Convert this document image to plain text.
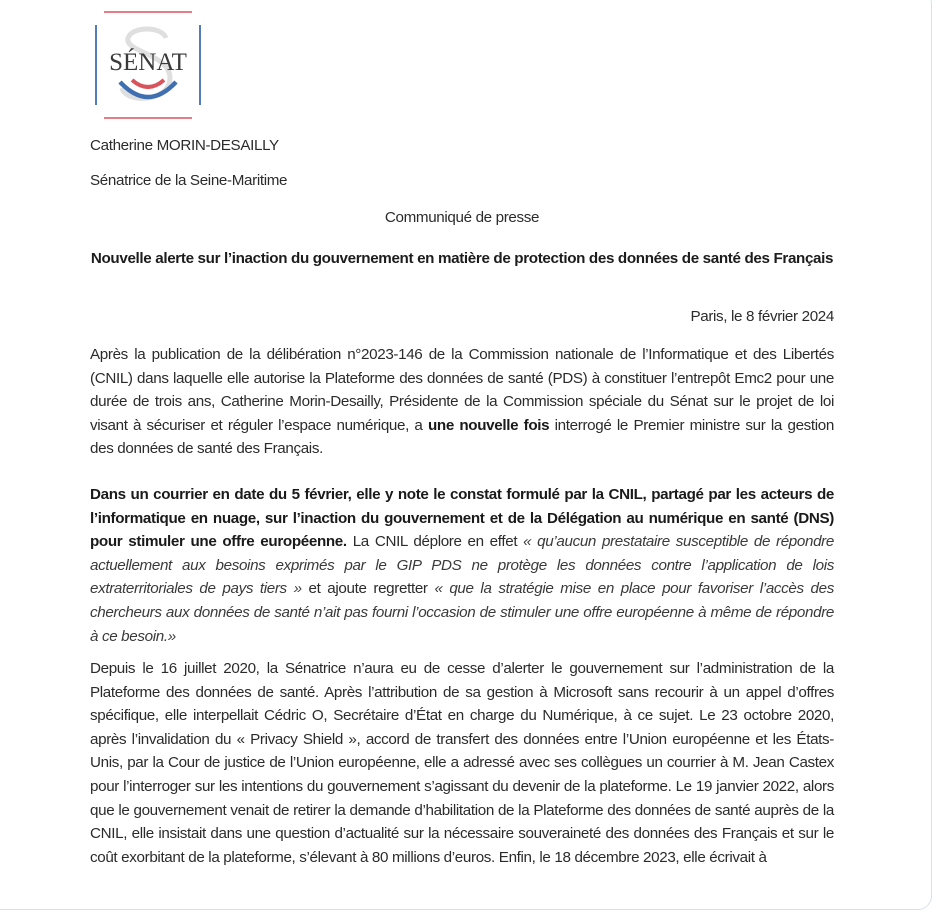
SÉNAT
Catherine MORIN-DESAILLY
Sénatrice de la Seine-Maritime
Communiqué de presse
Nouvelle alerte sur l’inaction du gouvernement en matière de protection des données de santé des Français
Paris, le 8 février 2024

Après la publication de la délibération n°2023-146 de la Commission nationale de l’Informatique et des Libertés (CNIL) dans laquelle elle autorise la Plateforme des données de santé (PDS) à constituer l’entrepôt Emc2 pour une durée de trois ans, Catherine Morin-Desailly, Présidente de la Commission spéciale du Sénat sur le projet de loi visant à sécuriser et réguler l’espace numérique, a une nouvelle fois interrogé le Premier ministre sur la gestion des données de santé des Français.

Dans un courrier en date du 5 février, elle y note le constat formulé par la CNIL, partagé par les acteurs de l’informatique en nuage, sur l’inaction du gouvernement et de la Délégation au numérique en santé (DNS) pour stimuler une offre européenne. La CNIL déplore en effet « qu’aucun prestataire susceptible de répondre actuellement aux besoins exprimés par le GIP PDS ne protège les données contre l’application de lois extraterritoriales de pays tiers » et ajoute regretter « que la stratégie mise en place pour favoriser l’accès des chercheurs aux données de santé n’ait pas fourni l’occasion de stimuler une offre européenne à même de répondre à ce besoin.»

Depuis le 16 juillet 2020, la Sénatrice n’aura eu de cesse d’alerter le gouvernement sur l’administration de la Plateforme des données de santé. Après l’attribution de sa gestion à Microsoft sans recourir à un appel d’offres spécifique, elle interpellait Cédric O, Secrétaire d’État en charge du Numérique, à ce sujet. Le 23 octobre 2020, après l’invalidation du « Privacy Shield », accord de transfert des données entre l’Union européenne et les États-Unis, par la Cour de justice de l’Union européenne, elle a adressé avec ses collègues un courrier à M. Jean Castex pour l’interroger sur les intentions du gouvernement s’agissant du devenir de la plateforme. Le 19 janvier 2022, alors que le gouvernement venait de retirer la demande d’habilitation de la Plateforme des données de santé auprès de la CNIL, elle insistait dans une question d’actualité sur la nécessaire souveraineté des données des Français et sur le coût exorbitant de la plateforme, s’élevant à 80 millions d’euros. Enfin, le 18 décembre 2023, elle écrivait à
